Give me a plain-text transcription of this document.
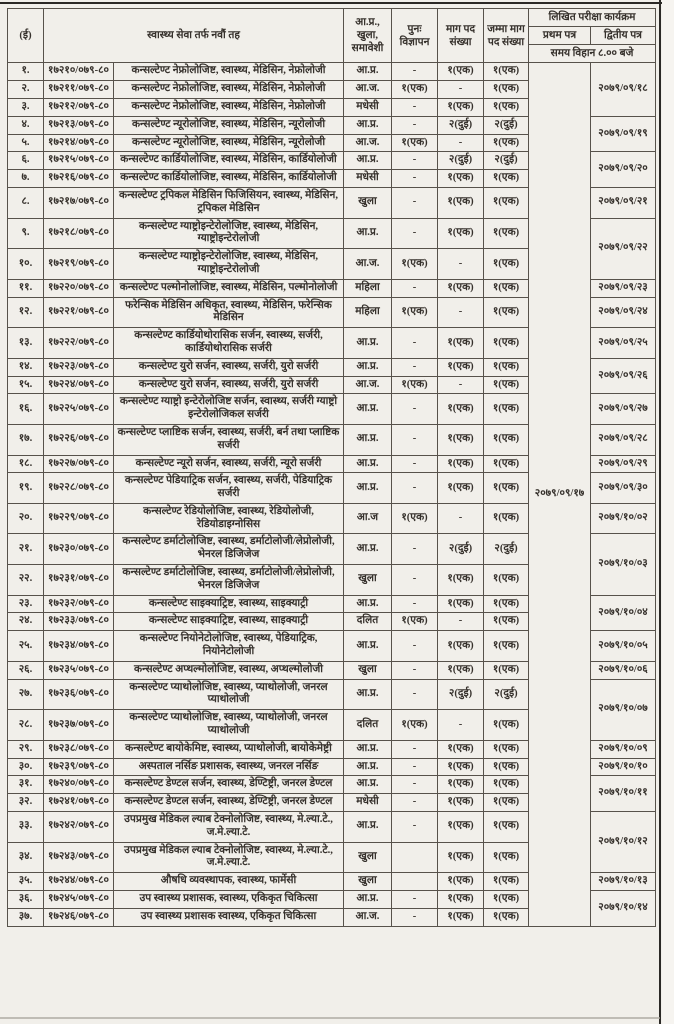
(ई)	स्वास्थ्य सेवा तर्फ नवौं तह		आ.प्र., खुला, समावेशी	पुनः विज्ञापन	माग पद संख्या	जम्मा माग पद संख्या	लिखित परीक्षा कार्यक्रम	
							प्रथम पत्र	द्वितीय पत्र
							समय विहान ८.०० बजे	
१.	१७२१०/०७९-८०	कन्सल्टेण्ट नेफ्रोलोजिष्ट, स्वास्थ्य, मेडिसिन, नेफ्रोलोजी	आ.प्र.	-	१(एक)	१(एक)	२०७९/०९/१७	२०७९/०९/१८
२.	१७२११/०७९-८०	कन्सल्टेण्ट नेफ्रोलोजिष्ट, स्वास्थ्य, मेडिसिन, नेफ्रोलोजी	आ.ज.	१(एक)	-	१(एक)		
३.	१७२१२/०७९-८०	कन्सल्टेण्ट नेफ्रोलोजिष्ट, स्वास्थ्य, मेडिसिन, नेफ्रोलोजी	मधेसी	-	१(एक)	१(एक)		
४.	१७२१३/०७९-८०	कन्सल्टेण्ट न्यूरोलोजिष्ट, स्वास्थ्य, मेडिसिन, न्यूरोलोजी	आ.प्र.	-	२(दुई)	२(दुई)		२०७९/०९/१९
५.	१७२१४/०७९-८०	कन्सल्टेण्ट न्यूरोलोजिष्ट, स्वास्थ्य, मेडिसिन, न्यूरोलोजी	आ.ज.	१(एक)	-	१(एक)		
६.	१७२१५/०७९-८०	कन्सल्टेण्ट कार्डियोलोजिष्ट, स्वास्थ्य, मेडिसिन, कार्डियोलोजी	आ.प्र.	-	२(दुई)	२(दुई)		२०७९/०९/२०
७.	१७२१६/०७९-८०	कन्सल्टेण्ट कार्डियोलोजिष्ट, स्वास्थ्य, मेडिसिन, कार्डियोलोजी	मधेसी	-	१(एक)	१(एक)		
८.	१७२१७/०७९-८०	कन्सल्टेण्ट ट्रपिकल मेडिसिन फिजिसियन, स्वास्थ्य, मेडिसिन, ट्रपिकल मेडिसिन	खुला	-	१(एक)	१(एक)		२०७९/०९/२१
९.	१७२१८/०७९-८०	कन्सल्टेण्ट ग्याष्ट्रोइन्टेरोलोजिष्ट, स्वास्थ्य, मेडिसिन, ग्याष्ट्रोइन्टेरोलोजी	आ.प्र.	-	१(एक)	१(एक)		२०७९/०९/२२
१०.	१७२१९/०७९-८०	कन्सल्टेण्ट ग्याष्ट्रोइन्टेरोलोजिष्ट, स्वास्थ्य, मेडिसिन, ग्याष्ट्रोइन्टेरोलोजी	आ.ज.	१(एक)	-	१(एक)		
११.	१७२२०/०७९-८०	कन्सल्टेण्ट पल्मोनोलोजिष्ट, स्वास्थ्य, मेडिसिन, पल्मोनोलोजी	महिला	-	१(एक)	१(एक)		२०७९/०९/२३
१२.	१७२२१/०७९-८०	फरेन्सिक मेडिसिन अधिकृत, स्वास्थ्य, मेडिसिन, फरेन्सिक मेडिसिन	महिला	१(एक)	-	१(एक)		२०७९/०९/२४
१३.	१७२२२/०७९-८०	कन्सल्टेण्ट कार्डियोथोरासिक सर्जन, स्वास्थ्य, सर्जरी, कार्डियोथोरासिक सर्जरी	आ.प्र.	-	१(एक)	१(एक)		२०७९/०९/२५
१४.	१७२२३/०७९-८०	कन्सल्टेण्ट युरो सर्जन, स्वास्थ्य, सर्जरी, युरो सर्जरी	आ.प्र.	-	१(एक)	१(एक)		२०७९/०९/२६
१५.	१७२२४/०७९-८०	कन्सल्टेण्ट युरो सर्जन, स्वास्थ्य, सर्जरी, युरो सर्जरी	आ.ज.	१(एक)	-	१(एक)		
१६.	१७२२५/०७९-८०	कन्सल्टेण्ट ग्याष्ट्रो इन्टेरोलोजिष्ट सर्जन, स्वास्थ्य, सर्जरी ग्याष्ट्रो इन्टेरोलोजिकल सर्जरी	आ.प्र.	-	१(एक)	१(एक)		२०७९/०९/२७
१७.	१७२२६/०७९-८०	कन्सल्टेण्ट प्लाष्टिक सर्जन, स्वास्थ्य, सर्जरी, बर्न तथा प्लाष्टिक सर्जरी	आ.प्र.	-	१(एक)	१(एक)		२०७९/०९/२८
१८.	१७२२७/०७९-८०	कन्सल्टेण्ट न्यूरो सर्जन, स्वास्थ्य, सर्जरी, न्यूरो सर्जरी	आ.प्र.	-	१(एक)	१(एक)		२०७९/०९/२९
१९.	१७२२८/०७९-८०	कन्सल्टेण्ट पेडियाट्रिक सर्जन, स्वास्थ्य, सर्जरी, पेडियाट्रिक सर्जरी	आ.प्र.	-	१(एक)	१(एक)		२०७९/०९/३०
२०.	१७२२९/०७९-८०	कन्सल्टेण्ट रेडियोलोजिष्ट, स्वास्थ्य, रेडियोलोजी, रेडियोडाइग्नोसिस	आ.ज	१(एक)	-	१(एक)		२०७९/१०/०२
२१.	१७२३०/०७९-८०	कन्सल्टेण्ट डर्माटोलोजिष्ट, स्वास्थ्य, डर्माटोलोजी/लेप्रोलोजी, भेनरल डिजिजेज	आ.प्र.	-	२(दुई)	२(दुई)		२०७९/१०/०३
२२.	१७२३१/०७९-८०	कन्सल्टेण्ट डर्माटोलोजिष्ट, स्वास्थ्य, डर्माटोलोजी/लेप्रोलोजी, भेनरल डिजिजेज	खुला	-	१(एक)	१(एक)		
२३.	१७२३२/०७९-८०	कन्सल्टेण्ट साइक्याट्रिष्ट, स्वास्थ्य, साइक्याट्री	आ.प्र.	-	१(एक)	१(एक)		२०७९/१०/०४
२४.	१७२३३/०७९-८०	कन्सल्टेण्ट साइक्याट्रिष्ट, स्वास्थ्य, साइक्याट्री	दलित	१(एक)	-	१(एक)		
२५.	१७२३४/०७९-८०	कन्सल्टेण्ट नियोनेटोलोजिष्ट, स्वास्थ्य, पेडियाट्रिक, नियोनेटोलोजी	आ.प्र.	-	१(एक)	१(एक)		२०७९/१०/०५
२६.	१७२३५/०७९-८०	कन्सल्टेण्ट अप्थल्मोलोजिष्ट, स्वास्थ्य, अप्थल्मोलोजी	खुला	-	१(एक)	१(एक)		२०७९/१०/०६
२७.	१७२३६/०७९-८०	कन्सल्टेण्ट प्याथोलोजिष्ट, स्वास्थ्य, प्याथोलोजी, जनरल प्याथोलोजी	आ.प्र.	-	२(दुई)	२(दुई)		२०७९/१०/०७
२८.	१७२३७/०७९-८०	कन्सल्टेण्ट प्याथोलोजिष्ट, स्वास्थ्य, प्याथोलोजी, जनरल प्याथोलोजी	दलित	१(एक)	-	१(एक)		
२९.	१७२३८/०७९-८०	कन्सल्टेण्ट बायोकेमिष्ट, स्वास्थ्य, प्याथोलोजी, बायोकेमेष्ट्री	आ.प्र.	-	१(एक)	१(एक)		२०७९/१०/०९
३०.	१७२३९/०७९-८०	अस्पताल नर्सिङ प्रशासक, स्वास्थ्य, जनरल नर्सिङ	आ.प्र.	-	१(एक)	१(एक)		२०७९/१०/१०
३१.	१७२४०/०७९-८०	कन्सल्टेण्ट डेण्टल सर्जन, स्वास्थ्य, डेण्टिष्ट्री, जनरल डेण्टल	आ.प्र.	-	१(एक)	१(एक)		२०७९/१०/११
३२.	१७२४१/०७९-८०	कन्सल्टेण्ट डेण्टल सर्जन, स्वास्थ्य, डेण्टिष्ट्री, जनरल डेण्टल	मधेसी	-	१(एक)	१(एक)		
३३.	१७२४२/०७९-८०	उपप्रमुख मेडिकल ल्याब टेक्नोलोजिष्ट, स्वास्थ्य, मे.ल्या.टे., ज.मे.ल्या.टे.	आ.प्र.	-	१(एक)	१(एक)		२०७९/१०/१२
३४.	१७२४३/०७९-८०	उपप्रमुख मेडिकल ल्याब टेक्नोलोजिष्ट, स्वास्थ्य, मे.ल्या.टे., ज.मे.ल्या.टे.	खुला		१(एक)	१(एक)		
३५.	१७२४४/०७९-८०	औषधि व्यवस्थापक, स्वास्थ्य, फार्मेसी	खुला		१(एक)	१(एक)		२०७९/१०/१३
३६.	१७२४५/०७९-८०	उप स्वास्थ्य प्रशासक, स्वास्थ्य, एकिकृत चिकित्सा	आ.प्र.	-	१(एक)	१(एक)		२०७९/१०/१४
३७.	१७२४६/०७९-८०	उप स्वास्थ्य प्रशासक स्वास्थ्य, एकिकृत चिकित्सा	आ.ज.	-	१(एक)	१(एक)		
